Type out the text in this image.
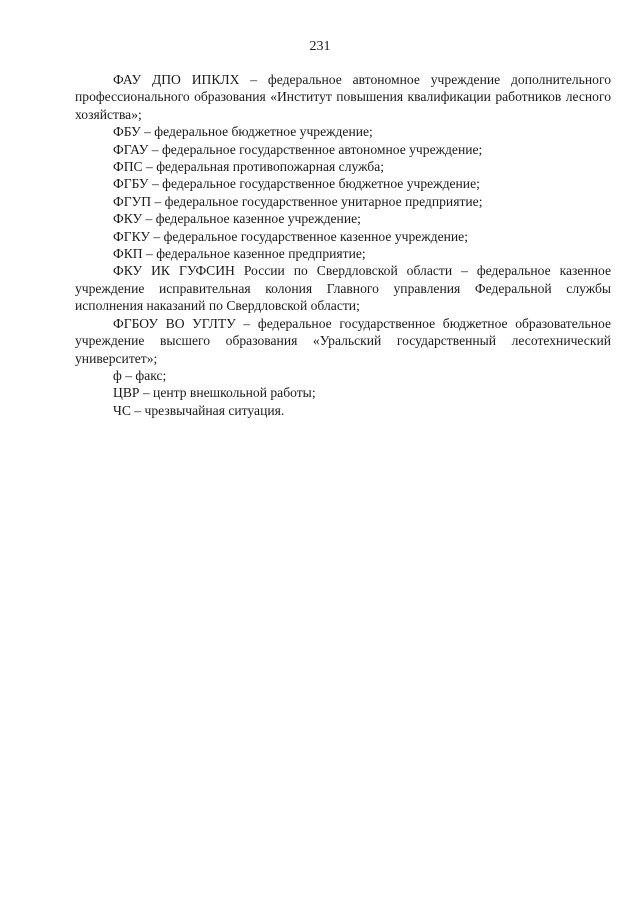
231

ФАУ ДПО ИПКЛХ – федеральное автономное учреждение дополнительного профессионального образования «Институт повышения квалификации работников лесного хозяйства»;

ФБУ – федеральное бюджетное учреждение;

ФГАУ – федеральное государственное автономное учреждение;

ФПС – федеральная противопожарная служба;

ФГБУ – федеральное государственное бюджетное учреждение;

ФГУП – федеральное государственное унитарное предприятие;

ФКУ – федеральное казенное учреждение;

ФГКУ – федеральное государственное казенное учреждение;

ФКП – федеральное казенное предприятие;

ФКУ ИК ГУФСИН России по Свердловской области – федеральное казенное учреждение исправительная колония Главного управления Федеральной службы исполнения наказаний по Свердловской области;

ФГБОУ ВО УГЛТУ – федеральное государственное бюджетное образовательное учреждение высшего образования «Уральский государственный лесотехнический университет»;

ф – факс;

ЦВР – центр внешкольной работы;

ЧС – чрезвычайная ситуация.
